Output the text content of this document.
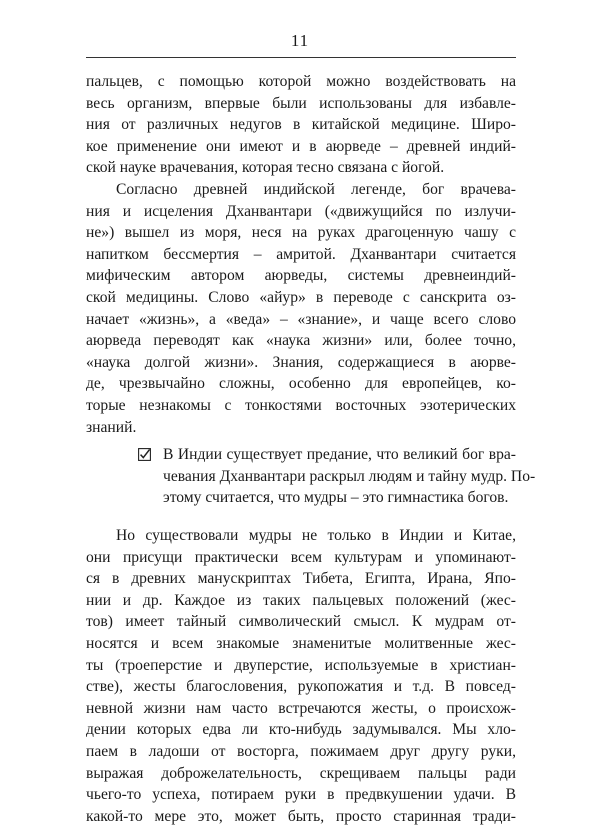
11
пальцев, с помощью которой можно воздействовать на
весь организм, впервые были использованы для избавле-
ния от различных недугов в китайской медицине. Широ-
кое применение они имеют и в аюрведе – древней индий-
ской науке врачевания, которая тесно связана с йогой.
Согласно древней индийской легенде, бог врачева-
ния и исцеления Дханвантари («движущийся по излучи-
не») вышел из моря, неся на руках драгоценную чашу с
напитком бессмертия – амритой. Дханвантари считается
мифическим автором аюрведы, системы древнеиндий-
ской медицины. Слово «айур» в переводе с санскрита оз-
начает «жизнь», а «веда» – «знание», и чаще всего слово
аюрведа переводят как «наука жизни» или, более точно,
«наука долгой жизни». Знания, содержащиеся в аюрве-
де, чрезвычайно сложны, особенно для европейцев, ко-
торые незнакомы с тонкостями восточных эзотерических
знаний.
В Индии существует предание, что великий бог вра-
чевания Дханвантари раскрыл людям и тайну мудр. По-
этому считается, что мудры – это гимнастика богов.
Но существовали мудры не только в Индии и Китае,
они присущи практически всем культурам и упоминают-
ся в древних манускриптах Тибета, Египта, Ирана, Япо-
нии и др. Каждое из таких пальцевых положений (жес-
тов) имеет тайный символический смысл. К мудрам от-
носятся и всем знакомые знаменитые молитвенные жес-
ты (троеперстие и двуперстие, используемые в христиан-
стве), жесты благословения, рукопожатия и т.д. В повсед-
невной жизни нам часто встречаются жесты, о происхож-
дении которых едва ли кто-нибудь задумывался. Мы хло-
паем в ладоши от восторга, пожимаем друг другу руки,
выражая доброжелательность, скрещиваем пальцы ради
чьего-то успеха, потираем руки в предвкушении удачи. В
какой-то мере это, может быть, просто старинная тради-
